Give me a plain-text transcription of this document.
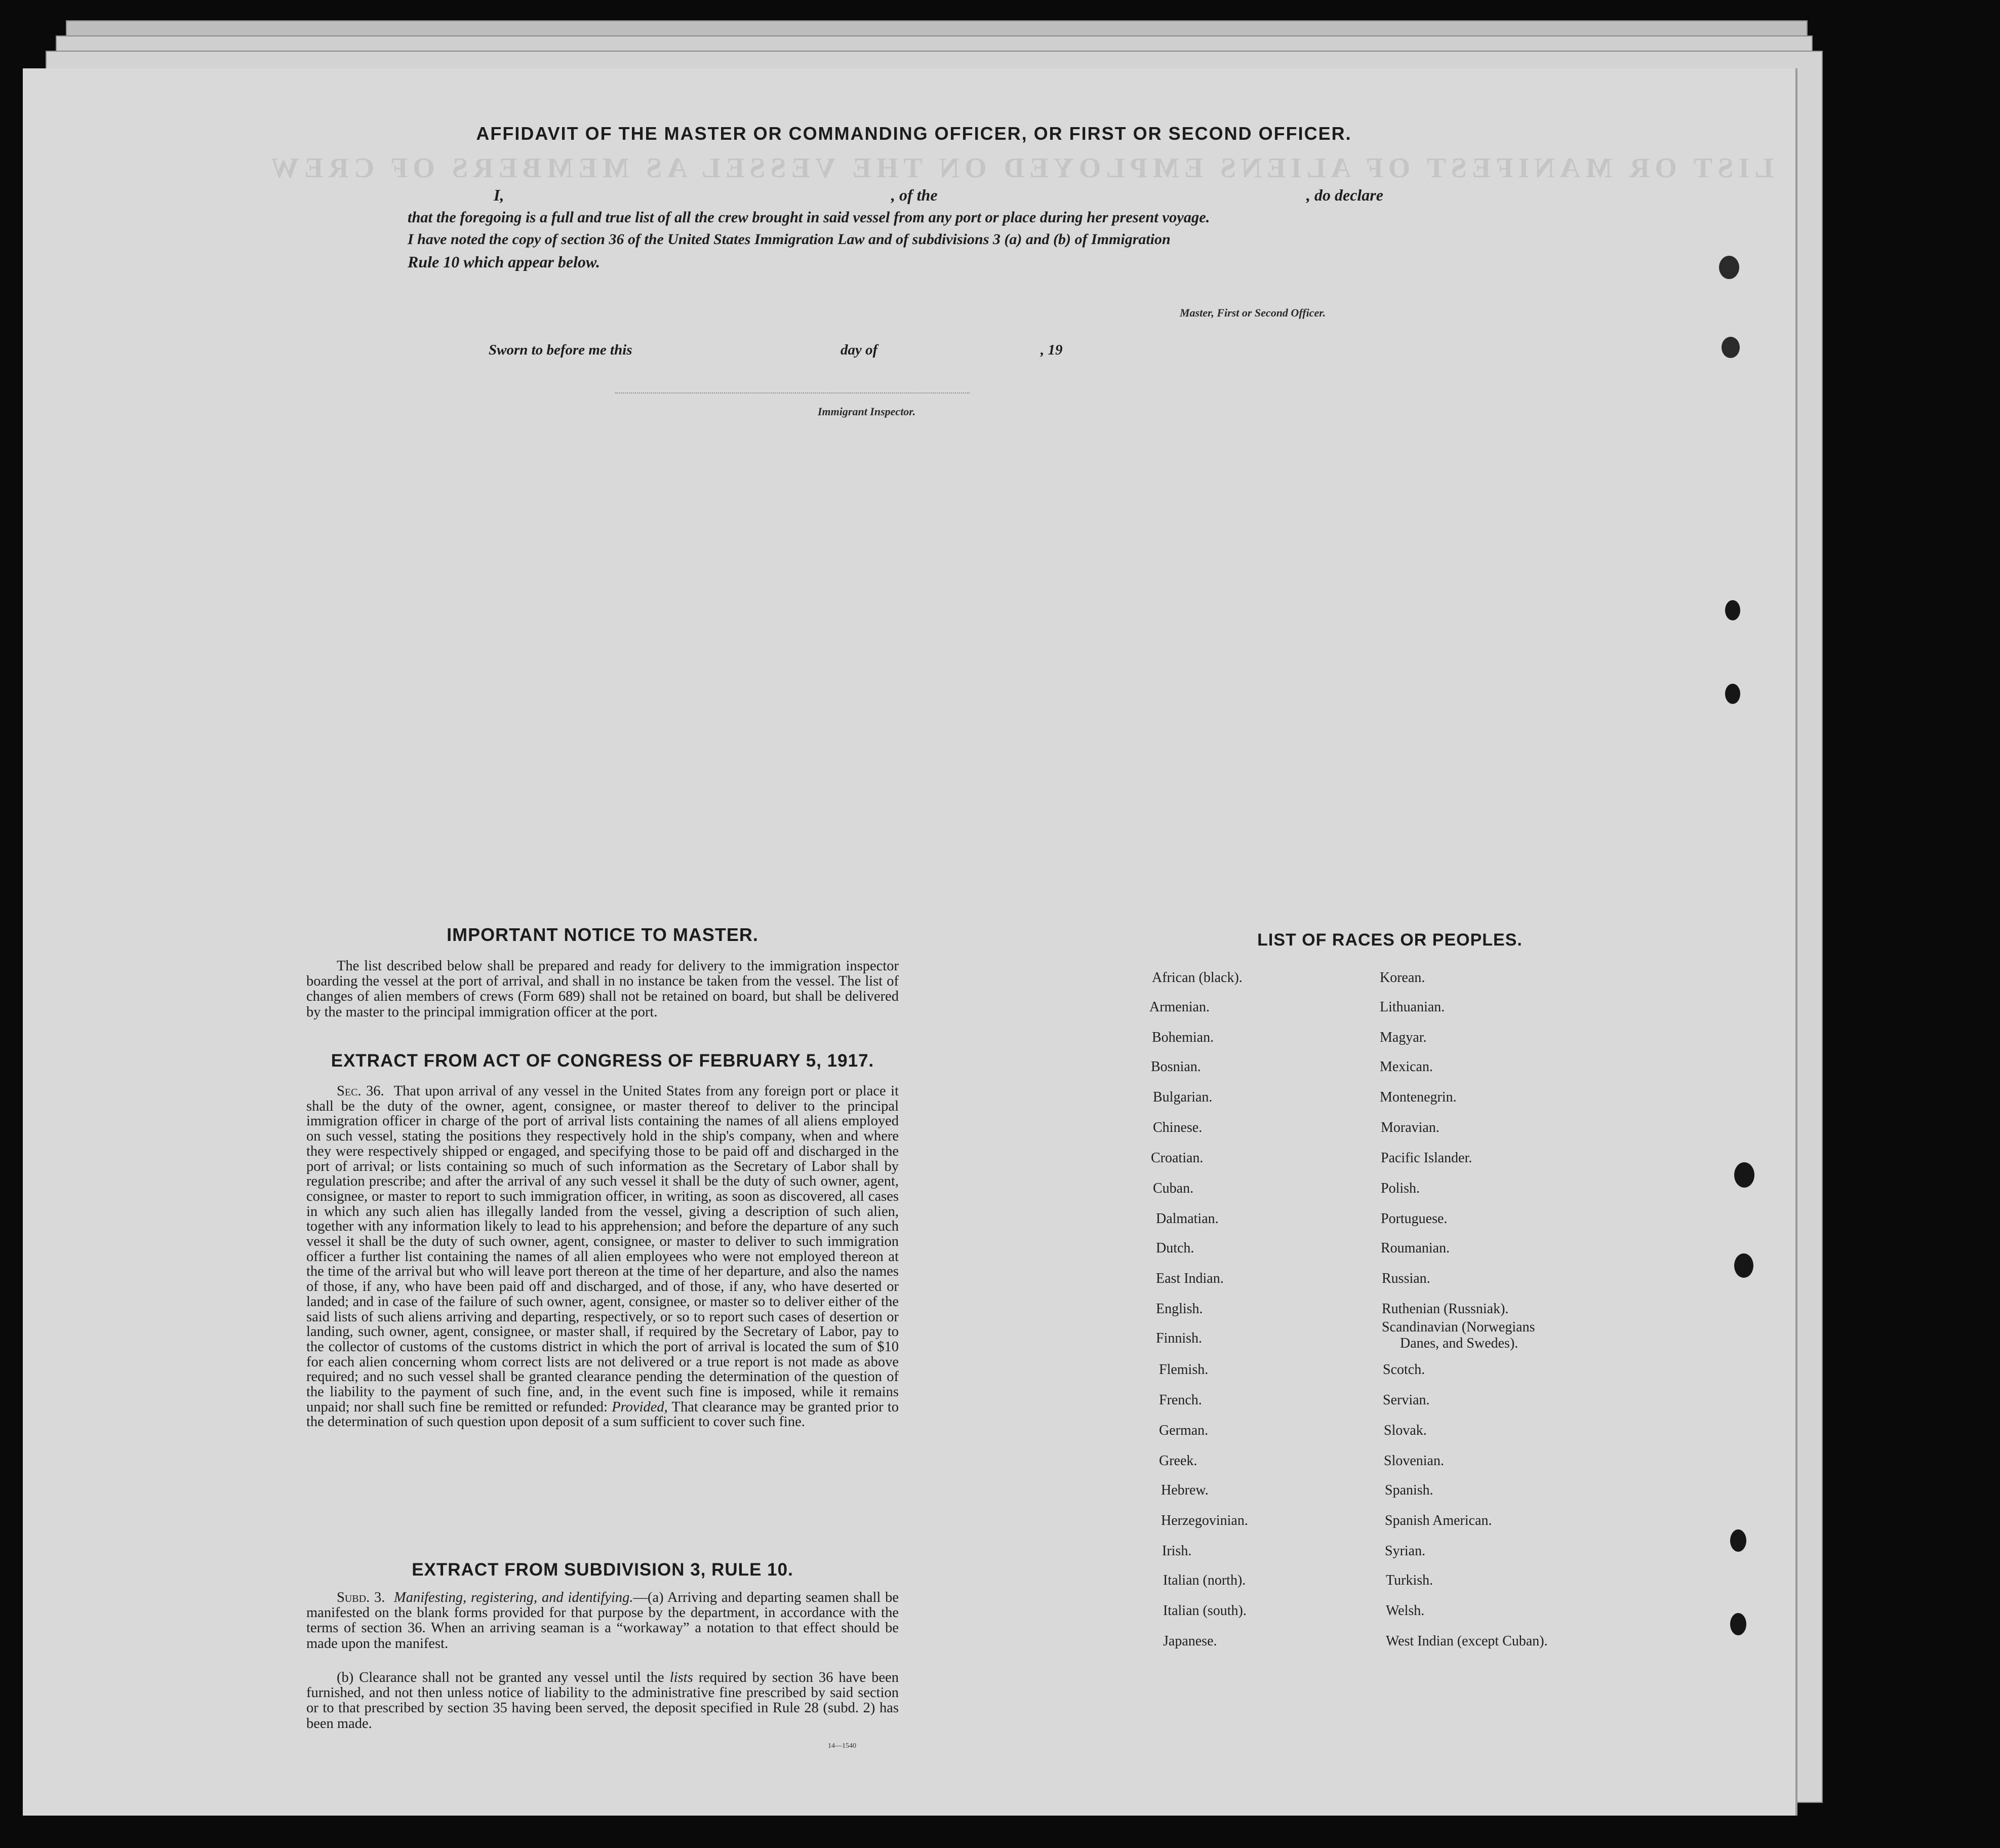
LIST OR MANIFEST OF ALIENS EMPLOYED ON THE VESSEL AS MEMBERS OF CREW
AFFIDAVIT OF THE MASTER OR COMMANDING OFFICER, OR FIRST OR SECOND OFFICER.
I,	, of the	, do declare
that the foregoing is a full and true list of all the crew brought in said vessel from any port or place during her present voyage.
I have noted the copy of section 36 of the United States Immigration Law and of subdivisions 3 (a) and (b) of Immigration
Rule 10 which appear below.
Master, First or Second Officer.
Sworn to before me this	day of	, 19
Immigrant Inspector.
IMPORTANT NOTICE TO MASTER.
The list described below shall be prepared and ready for delivery to the immigration inspector boarding the vessel at the port of arrival, and shall in no instance be taken from the vessel. The list of changes of alien members of crews (Form 689) shall not be retained on board, but shall be delivered by the master to the principal immigration officer at the port.
EXTRACT FROM ACT OF CONGRESS OF FEBRUARY 5, 1917.
Sec. 36. That upon arrival of any vessel in the United States from any foreign port or place it shall be the duty of the owner, agent, consignee, or master thereof to deliver to the principal immigration officer in charge of the port of arrival lists containing the names of all aliens employed on such vessel, stating the positions they respectively hold in the ship's company, when and where they were respectively shipped or engaged, and specifying those to be paid off and discharged in the port of arrival; or lists containing so much of such information as the Secretary of Labor shall by regulation prescribe; and after the arrival of any such vessel it shall be the duty of such owner, agent, consignee, or master to report to such immigration officer, in writing, as soon as discovered, all cases in which any such alien has illegally landed from the vessel, giving a description of such alien, together with any information likely to lead to his apprehension; and before the departure of any such vessel it shall be the duty of such owner, agent, consignee, or master to deliver to such immigration officer a further list containing the names of all alien employees who were not employed thereon at the time of the arrival but who will leave port thereon at the time of her departure, and also the names of those, if any, who have been paid off and discharged, and of those, if any, who have deserted or landed; and in case of the failure of such owner, agent, consignee, or master so to deliver either of the said lists of such aliens arriving and departing, respectively, or so to report such cases of desertion or landing, such owner, agent, consignee, or master shall, if required by the Secretary of Labor, pay to the collector of customs of the customs district in which the port of arrival is located the sum of $10 for each alien concerning whom correct lists are not delivered or a true report is not made as above required; and no such vessel shall be granted clearance pending the determination of the question of the liability to the payment of such fine, and, in the event such fine is imposed, while it remains unpaid; nor shall such fine be remitted or refunded: Provided, That clearance may be granted prior to the determination of such question upon deposit of a sum sufficient to cover such fine.
EXTRACT FROM SUBDIVISION 3, RULE 10.
Subd. 3. Manifesting, registering, and identifying.—(a) Arriving and departing seamen shall be manifested on the blank forms provided for that purpose by the department, in accordance with the terms of section 36. When an arriving seaman is a “workaway” a notation to that effect should be made upon the manifest.
(b) Clearance shall not be granted any vessel until the lists required by section 36 have been furnished, and not then unless notice of liability to the administrative fine prescribed by said section or to that prescribed by section 35 having been served, the deposit specified in Rule 28 (subd. 2) has been made.
14—1540
LIST OF RACES OR PEOPLES.
African (black).
Armenian.
Bohemian.
Bosnian.
Bulgarian.
Chinese.
Croatian.
Cuban.
Dalmatian.
Dutch.
East Indian.
English.
Finnish.
Flemish.
French.
German.
Greek.
Hebrew.
Herzegovinian.
Irish.
Italian (north).
Italian (south).
Japanese.
Korean.
Lithuanian.
Magyar.
Mexican.
Montenegrin.
Moravian.
Pacific Islander.
Polish.
Portuguese.
Roumanian.
Russian.
Ruthenian (Russniak).
Scandinavian (Norwegians
Danes, and Swedes).
Scotch.
Servian.
Slovak.
Slovenian.
Spanish.
Spanish American.
Syrian.
Turkish.
Welsh.
West Indian (except Cuban).
